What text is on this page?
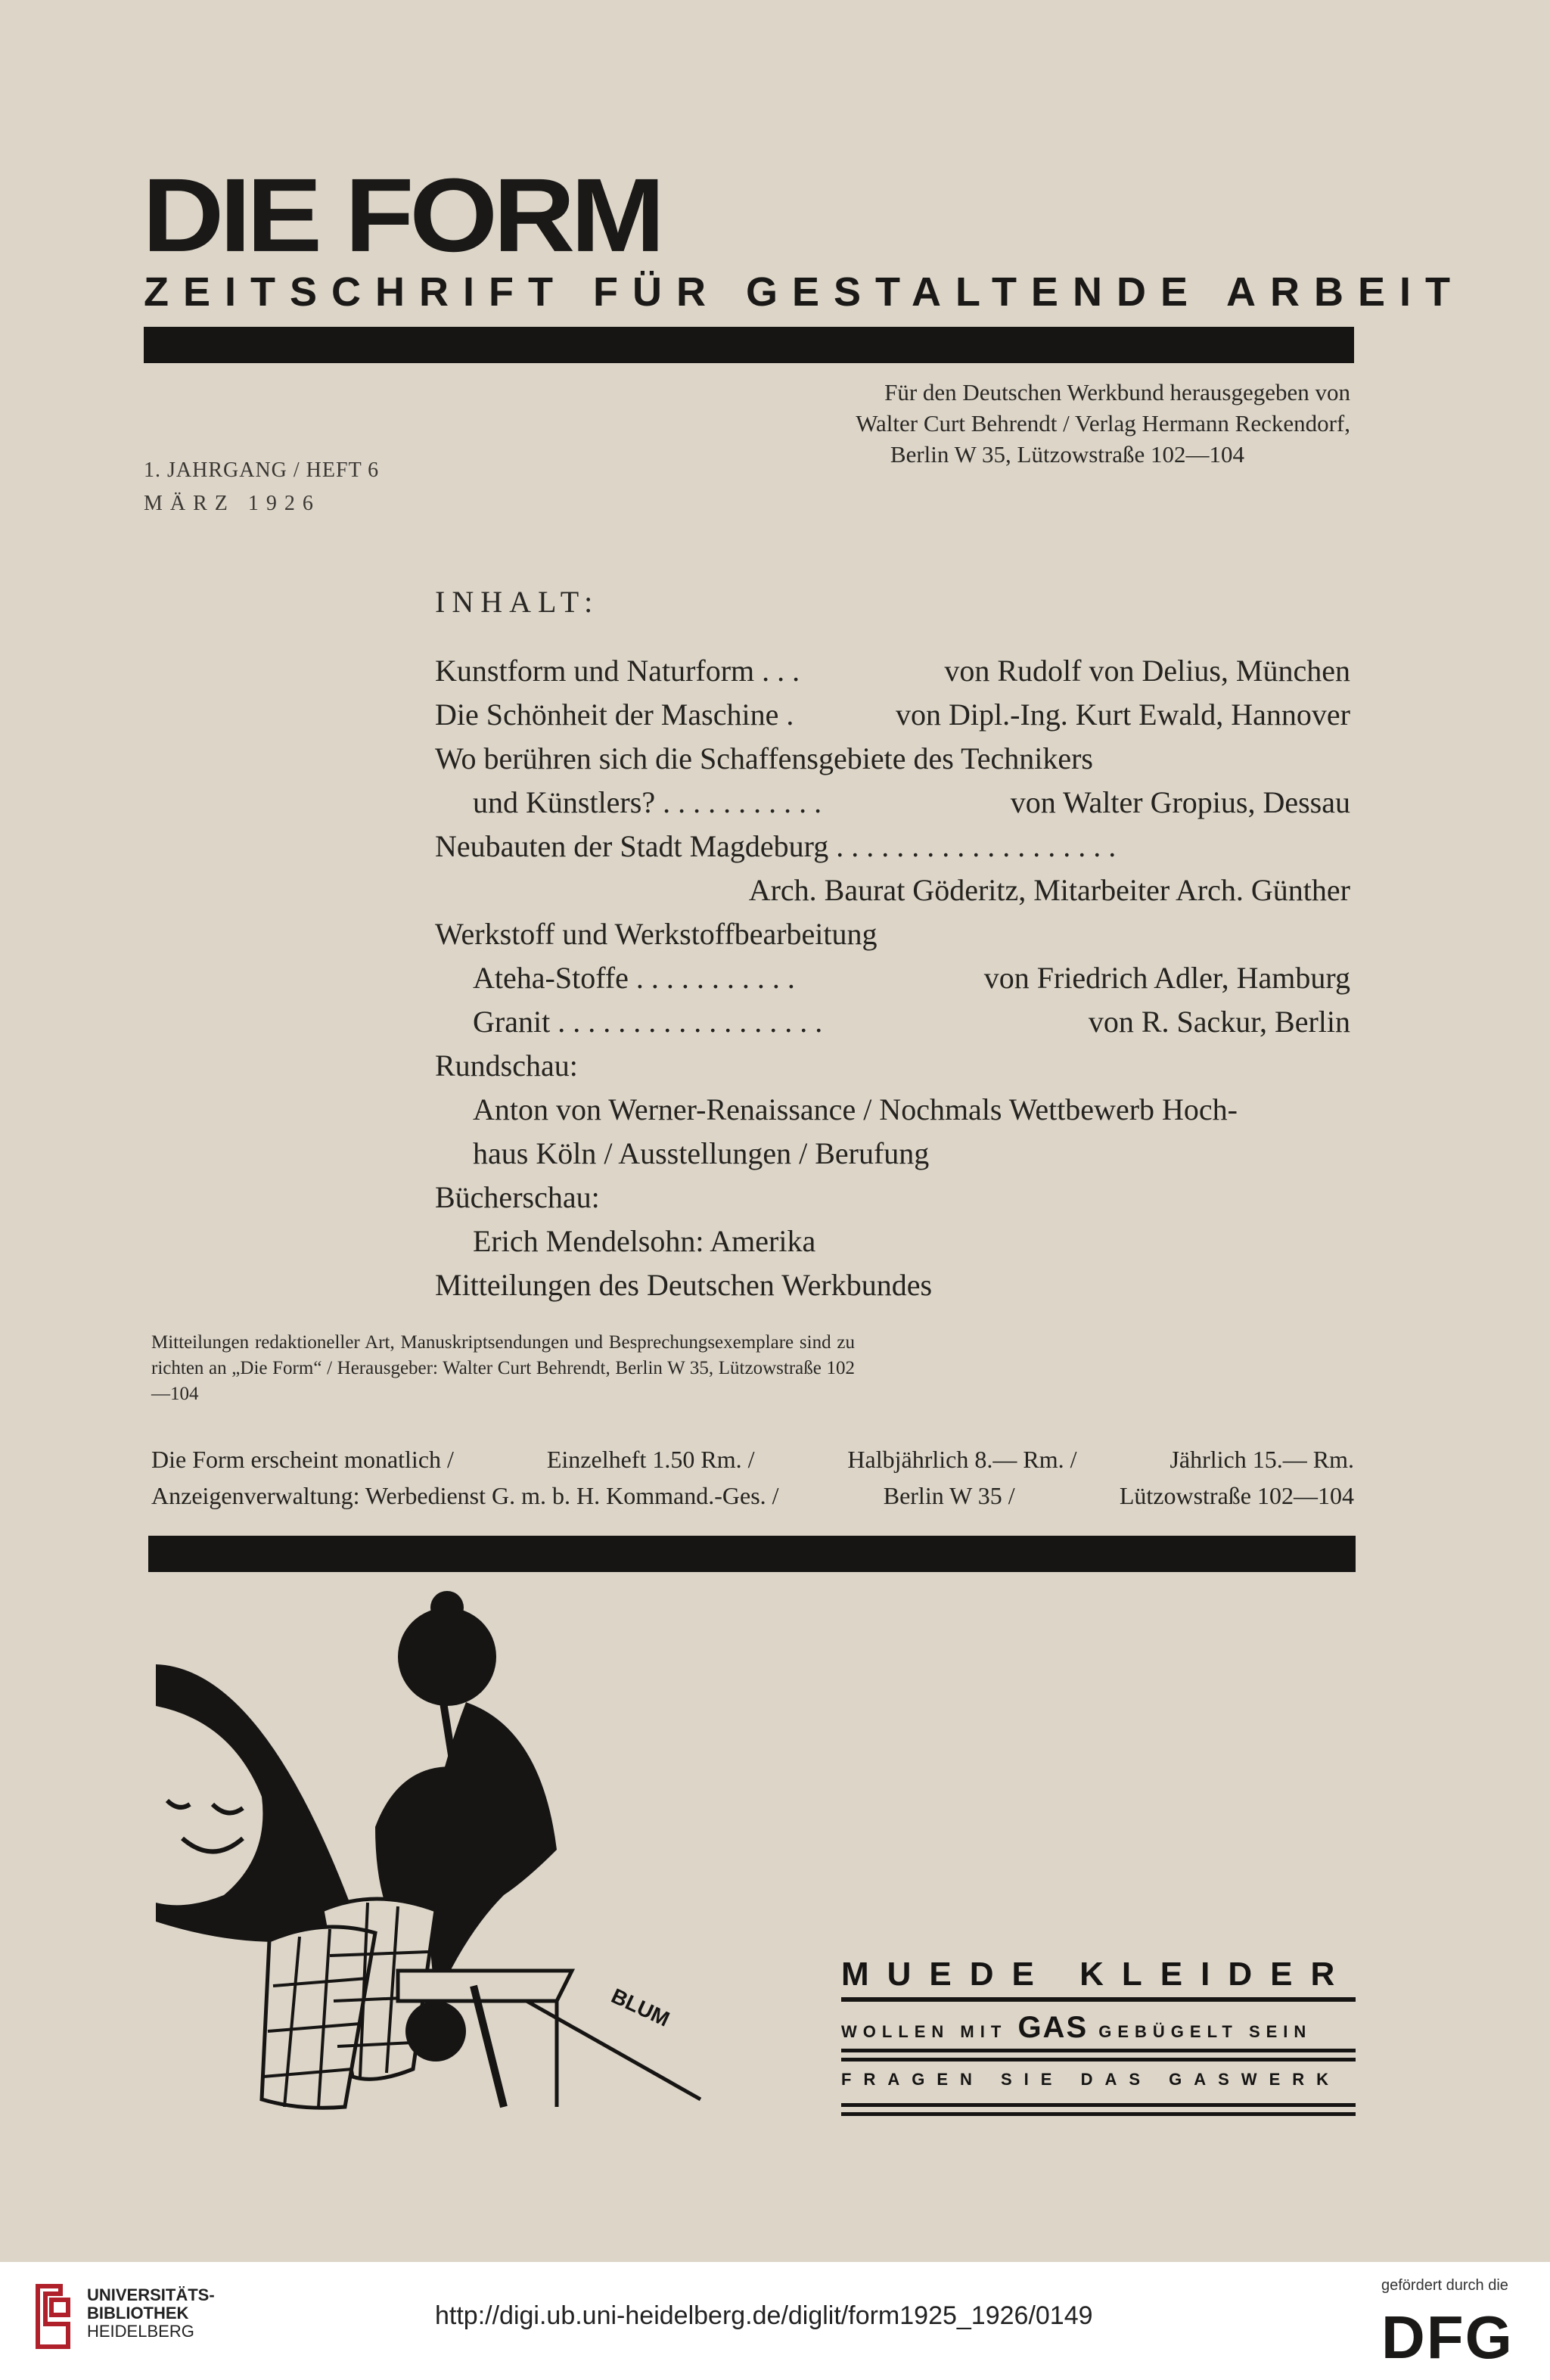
DIE FORM
ZEITSCHRIFT FÜR GESTALTENDE ARBEIT
Für den Deutschen Werkbund herausgegeben von
Walter Curt Behrendt / Verlag Hermann Reckendorf,
Berlin W 35, Lützowstraße 102—104
1. JAHRGANG / HEFT 6
MÄRZ 1926
INHALT:
Kunstform und Naturform . . .	von Rudolf von Delius, München
Die Schönheit der Maschine .	von Dipl.-Ing. Kurt Ewald, Hannover
Wo berühren sich die Schaffensgebiete des Technikers
und Künstlers? . . . . . . . . . . .	von Walter Gropius, Dessau
Neubauten der Stadt Magdeburg . . . . . . . . . . . . . . . . . . .
Arch. Baurat Göderitz, Mitarbeiter Arch. Günther
Werkstoff und Werkstoffbearbeitung
Ateha-Stoffe . . . . . . . . . . .	von Friedrich Adler, Hamburg
Granit . . . . . . . . . . . . . . . . . .	von R. Sackur, Berlin
Rundschau:
Anton von Werner-Renaissance / Nochmals Wettbewerb Hoch-
haus Köln / Ausstellungen / Berufung
Bücherschau:
Erich Mendelsohn: Amerika
Mitteilungen des Deutschen Werkbundes
Mitteilungen redaktioneller Art, Manuskriptsendungen und Besprechungsexemplare sind zu richten an „Die Form“ / Herausgeber: Walter Curt Behrendt, Berlin W 35, Lützowstraße 102—104
Die Form erscheint monatlich /	Einzelheft 1.50 Rm. /	Halbjährlich 8.— Rm. /	Jährlich 15.— Rm.
Anzeigenverwaltung: Werbedienst G. m. b. H. Kommand.-Ges. /	Berlin W 35 /	Lützowstraße 102—104
BLUM
MUEDE KLEIDER
WOLLEN MIT GAS GEBÜGELT SEIN
FRAGEN SIE DAS GASWERK
UNIVERSITÄTS-
BIBLIOTHEK
HEIDELBERG
http://digi.ub.uni-heidelberg.de/diglit/form1925_1926/0149
gefördert durch die
DFG
